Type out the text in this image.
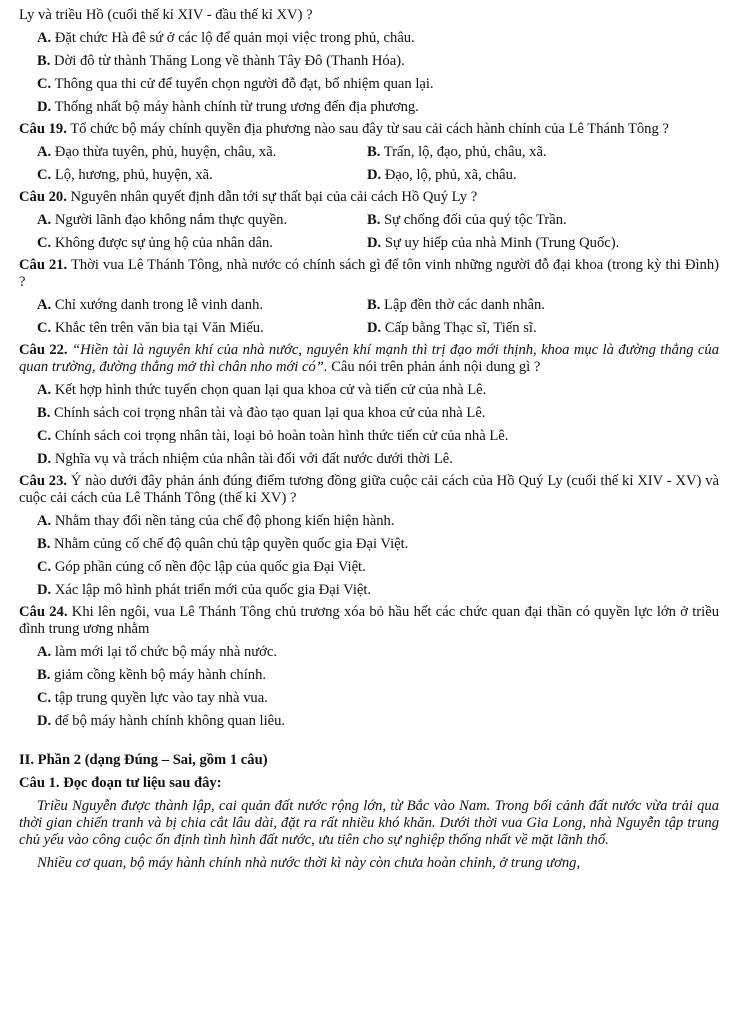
Ly và triều Hồ (cuối thế kỉ XIV - đầu thế kỉ XV) ?

A. Đặt chức Hà đê sứ ở các lộ để quản mọi việc trong phủ, châu.

B. Dời đô từ thành Thăng Long về thành Tây Đô (Thanh Hóa).

C. Thông qua thi cử để tuyển chọn người đỗ đạt, bổ nhiệm quan lại.

D. Thống nhất bộ máy hành chính từ trung ương đến địa phương.

Câu 19. Tổ chức bộ máy chính quyền địa phương nào sau đây từ sau cải cách hành chính của Lê Thánh Tông ?

A. Đạo thừa tuyên, phủ, huyện, châu, xã.	B. Trấn, lộ, đạo, phủ, châu, xã.
C. Lộ, hương, phủ, huyện, xã.	D. Đạo, lộ, phủ, xã, châu.

Câu 20. Nguyên nhân quyết định dẫn tới sự thất bại của cải cách Hồ Quý Ly ?

A. Người lãnh đạo không nắm thực quyền.	B. Sự chống đối của quý tộc Trần.
C. Không được sự ủng hộ của nhân dân.	D. Sự uy hiếp của nhà Minh (Trung Quốc).

Câu 21. Thời vua Lê Thánh Tông, nhà nước có chính sách gì để tôn vinh những người đỗ đại khoa (trong kỳ thi Đình) ?

A. Chỉ xướng danh trong lễ vinh danh.	B. Lập đền thờ các danh nhân.
C. Khắc tên trên văn bia tại Văn Miếu.	D. Cấp bằng Thạc sĩ, Tiến sĩ.

Câu 22. “Hiền tài là nguyên khí của nhà nước, nguyên khí mạnh thì trị đạo mới thịnh, khoa mục là đường thẳng của quan trường, đường thẳng mở thì chân nho mới có”. Câu nói trên phản ánh nội dung gì ?

A. Kết hợp hình thức tuyển chọn quan lại qua khoa cử và tiến cử của nhà Lê.

B. Chính sách coi trọng nhân tài và đào tạo quan lại qua khoa cử của nhà Lê.

C. Chính sách coi trọng nhân tài, loại bỏ hoàn toàn hình thức tiến cử của nhà Lê.

D. Nghĩa vụ và trách nhiệm của nhân tài đối với đất nước dưới thời Lê.

Câu 23. Ý nào dưới đây phản ánh đúng điểm tương đồng giữa cuộc cải cách của Hồ Quý Ly (cuối thế kỉ XIV - XV) và cuộc cải cách của Lê Thánh Tông (thế kỉ XV) ?

A. Nhằm thay đổi nền tảng của chế độ phong kiến hiện hành.

B. Nhằm củng cố chế độ quân chủ tập quyền quốc gia Đại Việt.

C. Góp phần củng cố nền độc lập của quốc gia Đại Việt.

D. Xác lập mô hình phát triển mới của quốc gia Đại Việt.

Câu 24. Khi lên ngôi, vua Lê Thánh Tông chủ trương xóa bỏ hầu hết các chức quan đại thần có quyền lực lớn ở triều đình trung ương nhằm

A. làm mới lại tổ chức bộ máy nhà nước.

B. giảm cồng kềnh bộ máy hành chính.

C. tập trung quyền lực vào tay nhà vua.

D. để bộ máy hành chính không quan liêu.

II. Phần 2 (dạng Đúng – Sai, gồm 1 câu)

Câu 1. Đọc đoạn tư liệu sau đây:

Triều Nguyễn được thành lập, cai quản đất nước rộng lớn, từ Bắc vào Nam. Trong bối cảnh đất nước vừa trải qua thời gian chiến tranh và bị chia cắt lâu dài, đặt ra rất nhiều khó khăn. Dưới thời vua Gia Long, nhà Nguyễn tập trung chủ yếu vào công cuộc ổn định tình hình đất nước, ưu tiên cho sự nghiệp thống nhất về mặt lãnh thổ.

Nhiều cơ quan, bộ máy hành chính nhà nước thời kì này còn chưa hoàn chỉnh, ở trung ương,
